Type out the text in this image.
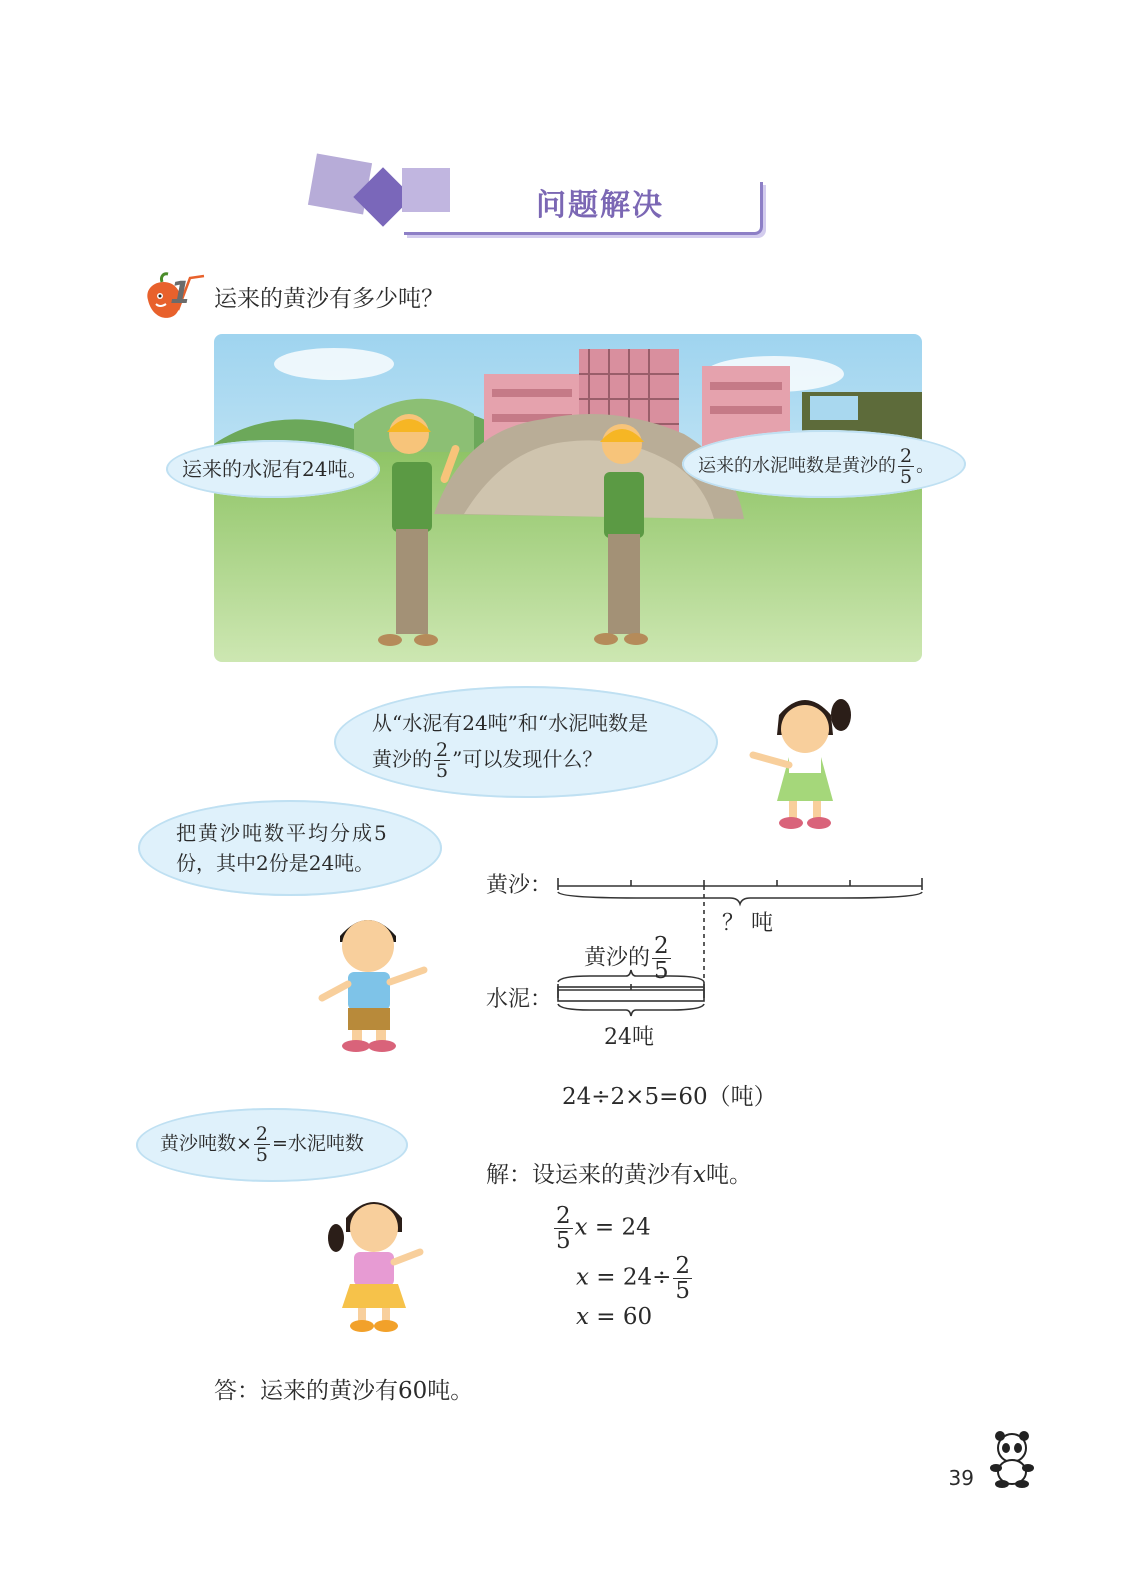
问题解决
1 运来的黄沙有多少吨？
运来的水泥有24吨。	运来的水泥吨数是黄沙的 $\frac{2}{5}$ 。
从“水泥有24吨”和“水泥吨数是
黄沙的 $\frac{2}{5}$ ”可以发现什么？
把黄沙吨数平均分成5
份，其中2份是24吨。
黄沙：
？ 吨
黄沙的 $\frac{2}{5}$
水泥：
24吨
24÷2×5=60（吨）
黄沙吨数× $\frac{2}{5}$ =水泥吨数
解：设运来的黄沙有x吨。
$\frac{2}{5}$ x = 24
$x = 24\div \frac{2}{5}$
x = 60
答：运来的黄沙有60吨。
39
